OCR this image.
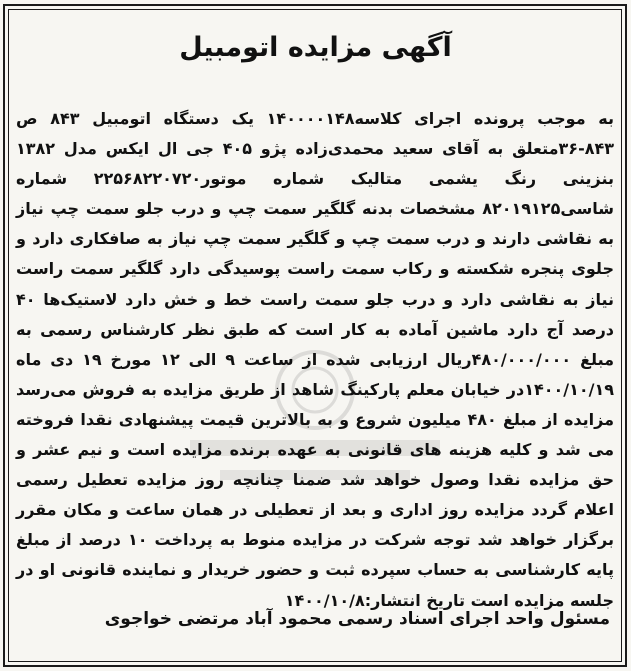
آگهی مزایده اتومبیل
به موجب پرونده اجرای کلاسه۱۴۰۰۰۰۱۴۸ یک دستگاه اتومبیل ۸۴۳ ص ۸۴۳-۳۶متعلق به آقای سعید محمدی‌زاده پژو ۴۰۵ جی ال ایکس مدل ۱۳۸۲ بنزینی رنگ یشمی متالیک شماره موتور۲۲۵۶۸۲۲۰۷۲۰ شماره شاسی۸۲۰۱۹۱۲۵ مشخصات بدنه گلگیر سمت چپ و درب جلو سمت چپ نیاز به نقاشی دارند و درب سمت چپ و گلگیر سمت چپ نیاز به صافکاری دارد و جلوی پنجره شکسته و رکاب سمت راست پوسیدگی دارد گلگیر سمت راست نیاز به نقاشی دارد و درب جلو سمت راست خط و خش دارد لاستیک‌ها ۴۰ درصد آج دارد ماشین آماده به کار است که طبق نظر کارشناس رسمی به مبلغ ۴۸۰/۰۰۰/۰۰۰ریال ارزیابی شده از ساعت ۹ الی ۱۲ مورخ ۱۹ دی ماه ۱۴۰۰/۱۰/۱۹در خیابان معلم پارکینگ شاهد از طریق مزایده به فروش می‌رسد مزایده از مبلغ ۴۸۰ میلیون شروع و به بالاترین قیمت پیشنهادی نقدا فروخته می شد و کلیه هزینه های قانونی به عهده برنده مزایده است و نیم عشر و حق مزایده نقدا وصول خواهد شد ضمنا چنانچه روز مزایده تعطیل رسمی اعلام گردد مزایده روز اداری و بعد از تعطیلی در همان ساعت و مکان مقرر برگزار خواهد شد توجه شرکت در مزایده منوط به پرداخت ۱۰ درصد از مبلغ پایه کارشناسی به حساب سپرده ثبت و حضور خریدار و نماینده قانونی او در جلسه مزایده است تاریخ انتشار:۱۴۰۰/۱۰/۸
مسئول واحد اجرای اسناد رسمی محمود آباد مرتضی خواجوی
